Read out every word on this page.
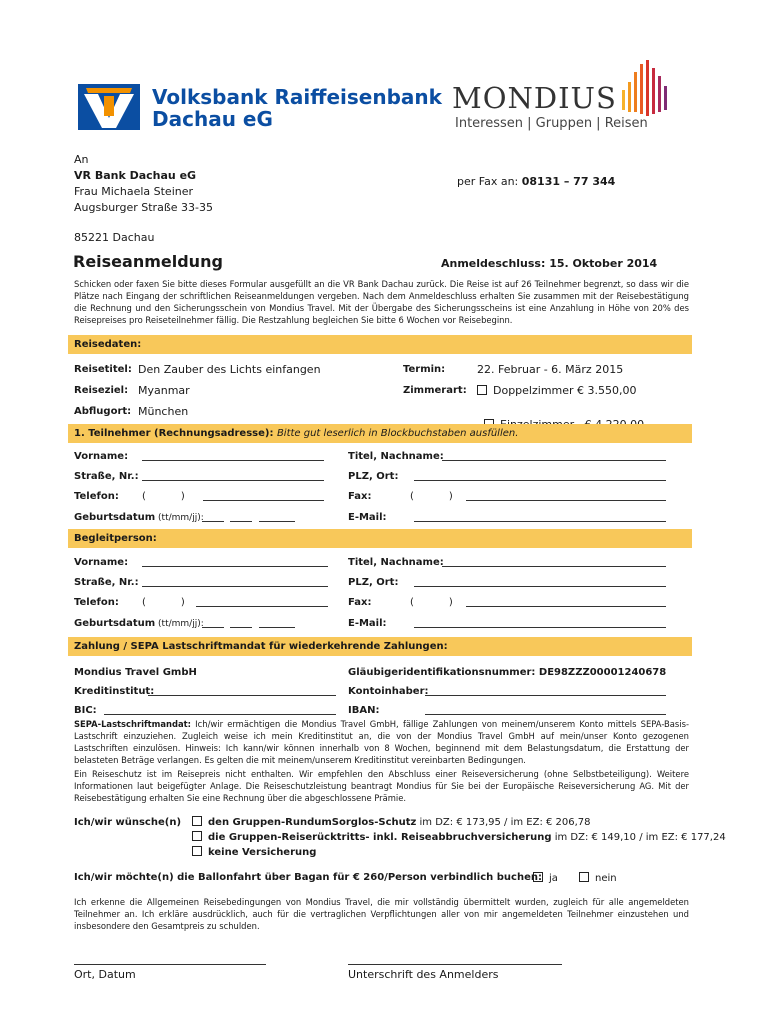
Volksbank Raiffeisenbank
Dachau eG
MONDIUS
Interessen | Gruppen | Reisen
An
VR Bank Dachau eG
Frau Michaela Steiner
Augsburger Straße 33-35
85221 Dachau
per Fax an: 08131 – 77 344
Reiseanmeldung	Anmeldeschluss: 15. Oktober 2014
Schicken oder faxen Sie bitte dieses Formular ausgefüllt an die VR Bank Dachau zurück. Die Reise ist auf 26 Teilnehmer begrenzt, so dass wir die Plätze nach Eingang der schriftlichen Reiseanmeldungen vergeben. Nach dem Anmeldeschluss erhalten Sie zusammen mit der Reisebestätigung die Rechnung und den Sicherungsschein von Mondius Travel. Mit der Übergabe des Sicherungsscheins ist eine Anzahlung in Höhe von 20% des Reisepreises pro Reiseteilnehmer fällig. Die Restzahlung begleichen Sie bitte 6 Wochen vor Reisebeginn.
Reisedaten:
Reisetitel: Den Zauber des Lichts einfangen	Termin:	22. Februar - 6. März 2015
Reiseziel: Myanmar	Zimmerart:	Doppelzimmer € 3.550,00
Abflugort: München

1. Teilnehmer (Rechnungsadresse): Bitte gut leserlich in Blockbuchstaben ausfüllen.
Vorname:	Titel, Nachname:
Straße, Nr.:	PLZ, Ort:
Telefon: (           )	Fax:	(           )
Geburtsdatum (tt/mm/jj):	E-Mail:
Begleitperson:
Vorname:	Titel, Nachname:
Straße, Nr.:	PLZ, Ort:
Telefon: (           )	Fax:	(           )
Geburtsdatum (tt/mm/jj):	E-Mail:
Zahlung / SEPA Lastschriftmandat für wiederkehrende Zahlungen:
Mondius Travel GmbH	Gläubigeridentifikationsnummer: DE98ZZZ00001240678
Kreditinstitut:	Kontoinhaber:
BIC:	IBAN:
SEPA-Lastschriftmandat: Ich/wir ermächtigen die Mondius Travel GmbH, fällige Zahlungen von meinem/unserem Konto mittels SEPA-Basis-Lastschrift einzuziehen. Zugleich weise ich mein Kreditinstitut an, die von der Mondius Travel GmbH auf mein/unser Konto gezogenen Lastschriften einzulösen. Hinweis: Ich kann/wir können innerhalb von 8 Wochen, beginnend mit dem Belastungsdatum, die Erstattung der belasteten Beträge verlangen. Es gelten die mit meinem/unserem Kreditinstitut vereinbarten Bedingungen.
Ein Reiseschutz ist im Reisepreis nicht enthalten. Wir empfehlen den Abschluss einer Reiseversicherung (ohne Selbstbeteiligung). Weitere Informationen laut beigefügter Anlage. Die Reiseschutzleistung beantragt Mondius für Sie bei der Europäische Reiseversicherung AG. Mit der Reisebestätigung erhalten Sie eine Rechnung über die abgeschlossene Prämie.
Ich/wir wünsche(n)	den Gruppen-RundumSorglos-Schutz im DZ: € 173,95 / im EZ: € 206,78
die Gruppen-Reiserücktritts- inkl. Reiseabbruchversicherung im DZ: € 149,10 / im EZ: € 177,24
keine Versicherung
Ich/wir möchte(n) die Ballonfahrt über Bagan für € 260/Person verbindlich buchen: ja	nein
Ich erkenne die Allgemeinen Reisebedingungen von Mondius Travel, die mir vollständig übermittelt wurden, zugleich für alle angemeldeten Teilnehmer an. Ich erkläre ausdrücklich, auch für die vertraglichen Verpflichtungen aller von mir angemeldeten Teilnehmer einzustehen und insbesondere den Gesamtpreis zu schulden.
Ort, Datum	Unterschrift des Anmelders
